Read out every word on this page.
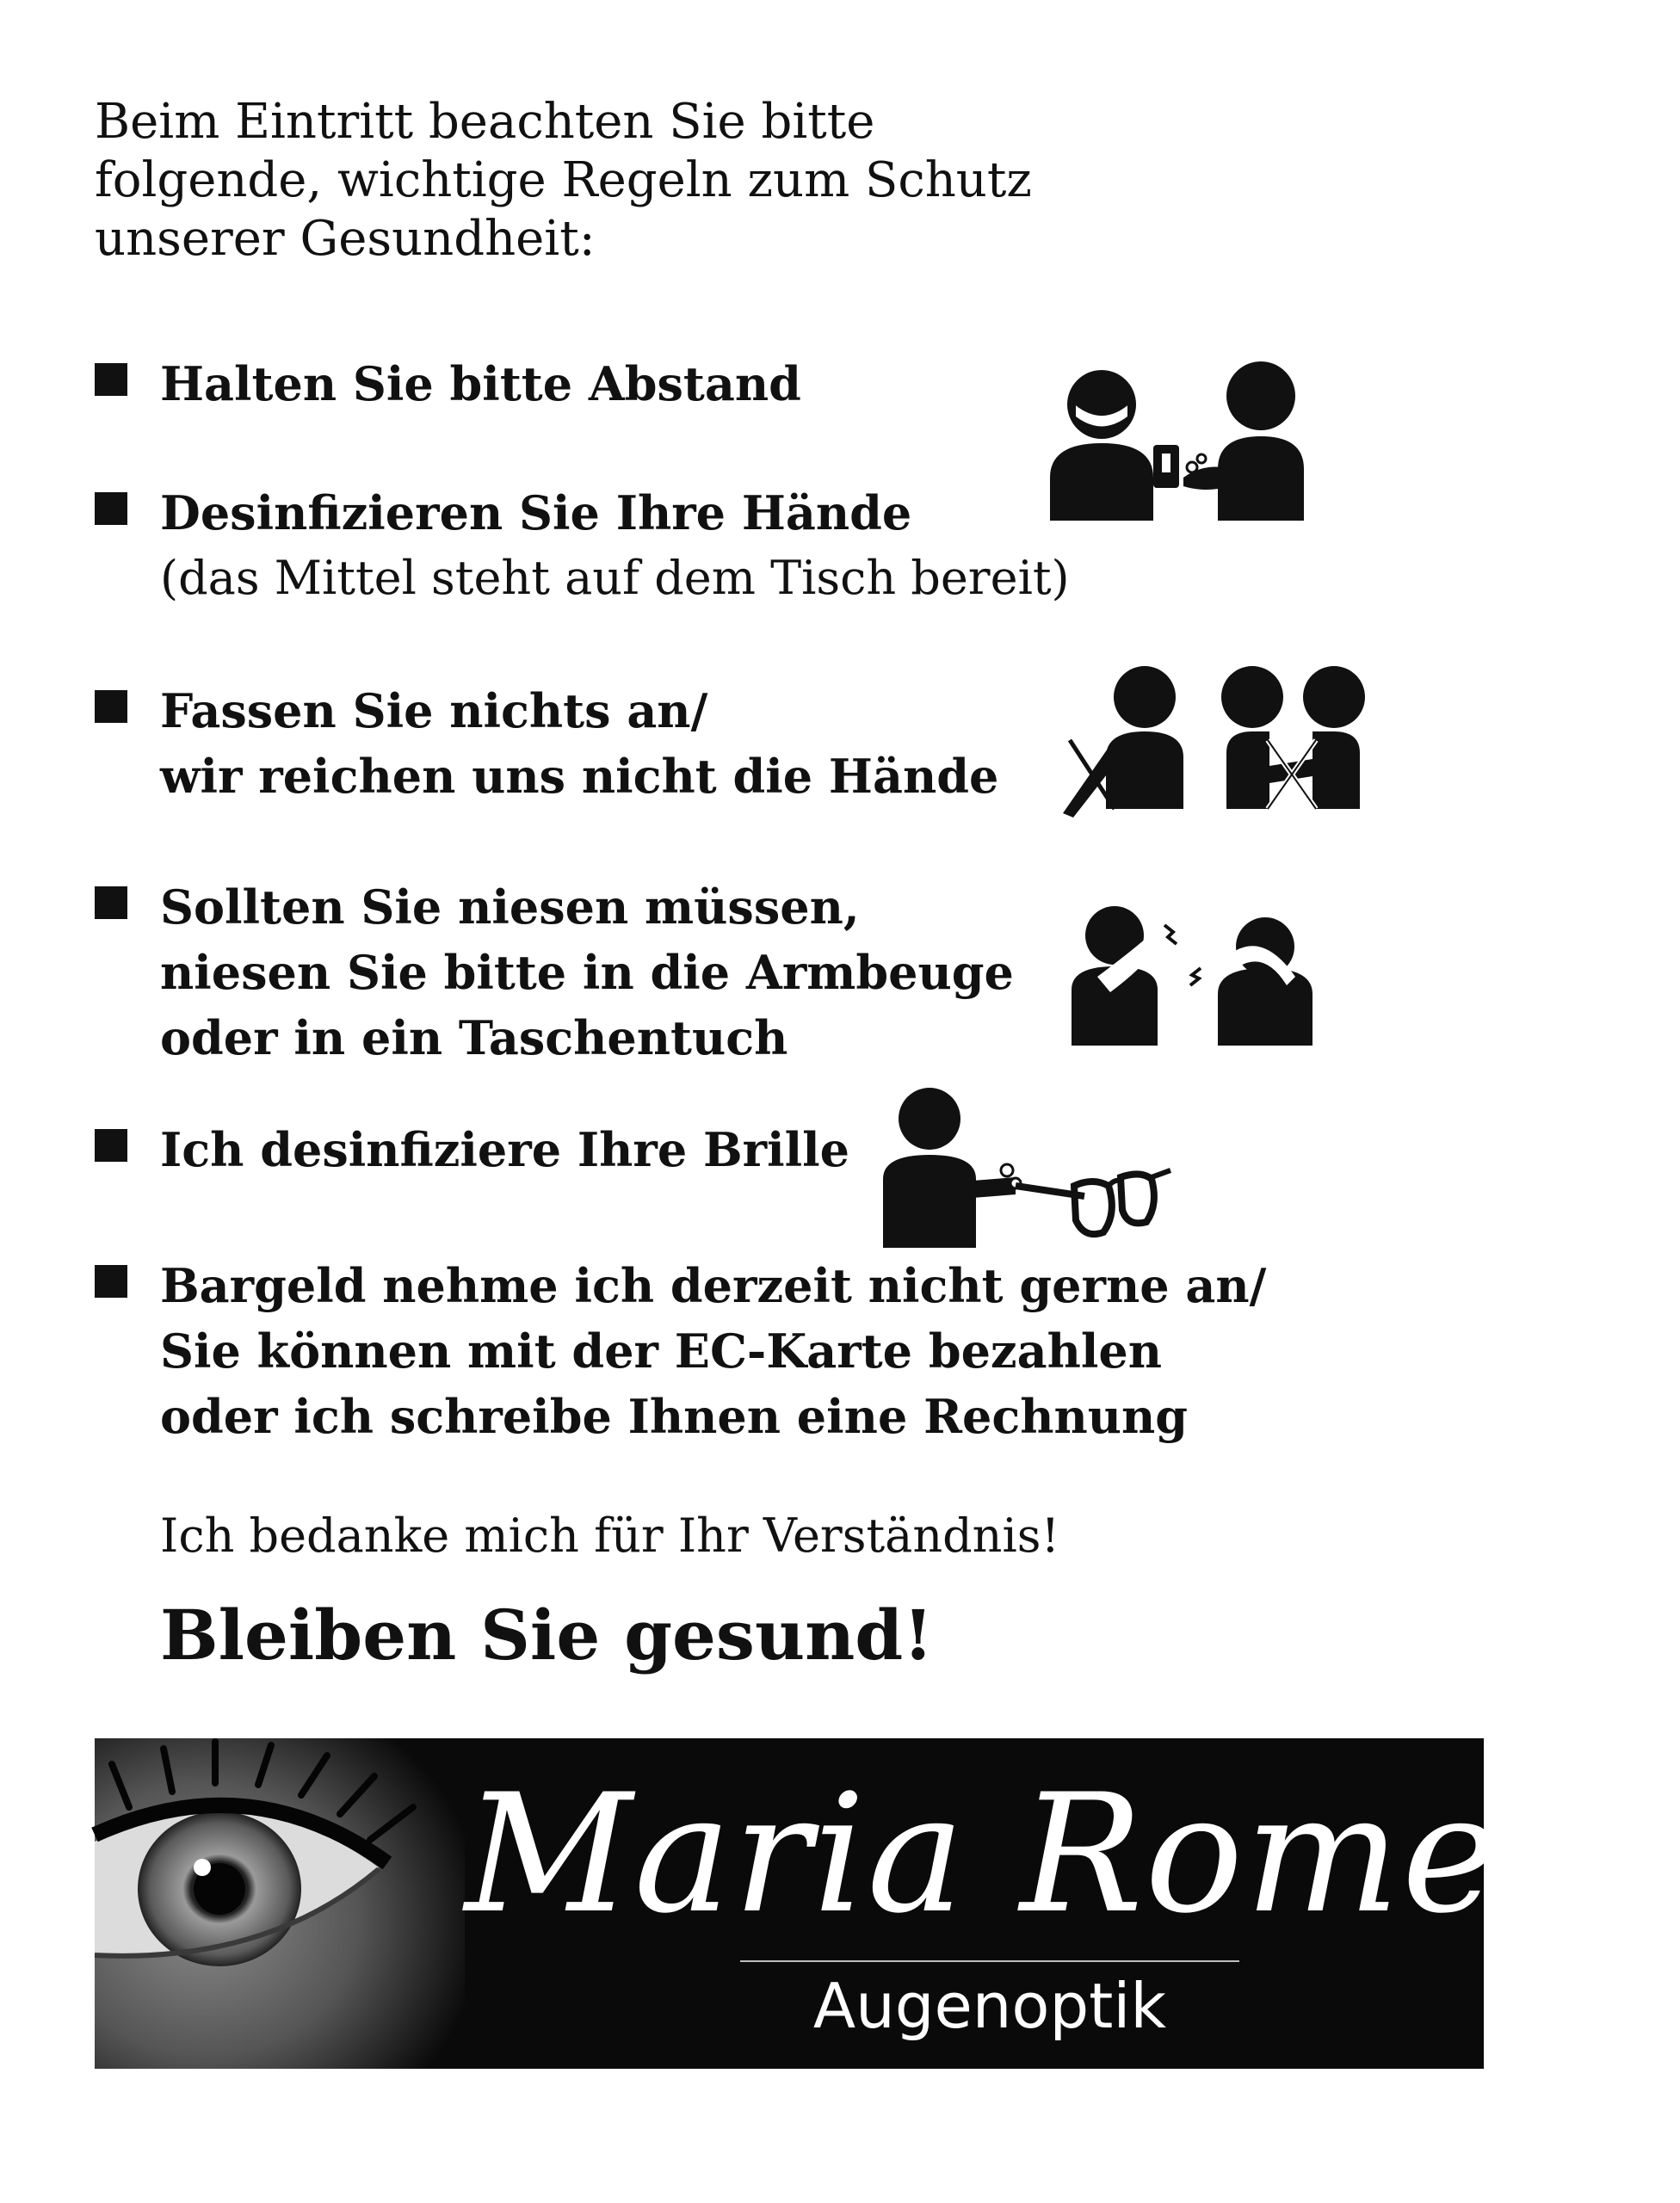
Beim Eintritt beachten Sie bitte
folgende, wichtige Regeln zum Schutz
unserer Gesundheit:
Halten Sie bitte Abstand
Desinfizieren Sie Ihre Hände
(das Mittel steht auf dem Tisch bereit)
Fassen Sie nichts an/
wir reichen uns nicht die Hände
Sollten Sie niesen müssen,
niesen Sie bitte in die Armbeuge
oder in ein Taschentuch
Ich desinfiziere Ihre Brille
Bargeld nehme ich derzeit nicht gerne an/
Sie können mit der EC-Karte bezahlen
oder ich schreibe Ihnen eine Rechnung

Ich bedanke mich für Ihr Verständnis!

Bleiben Sie gesund!

Maria Romero
Augenoptik
